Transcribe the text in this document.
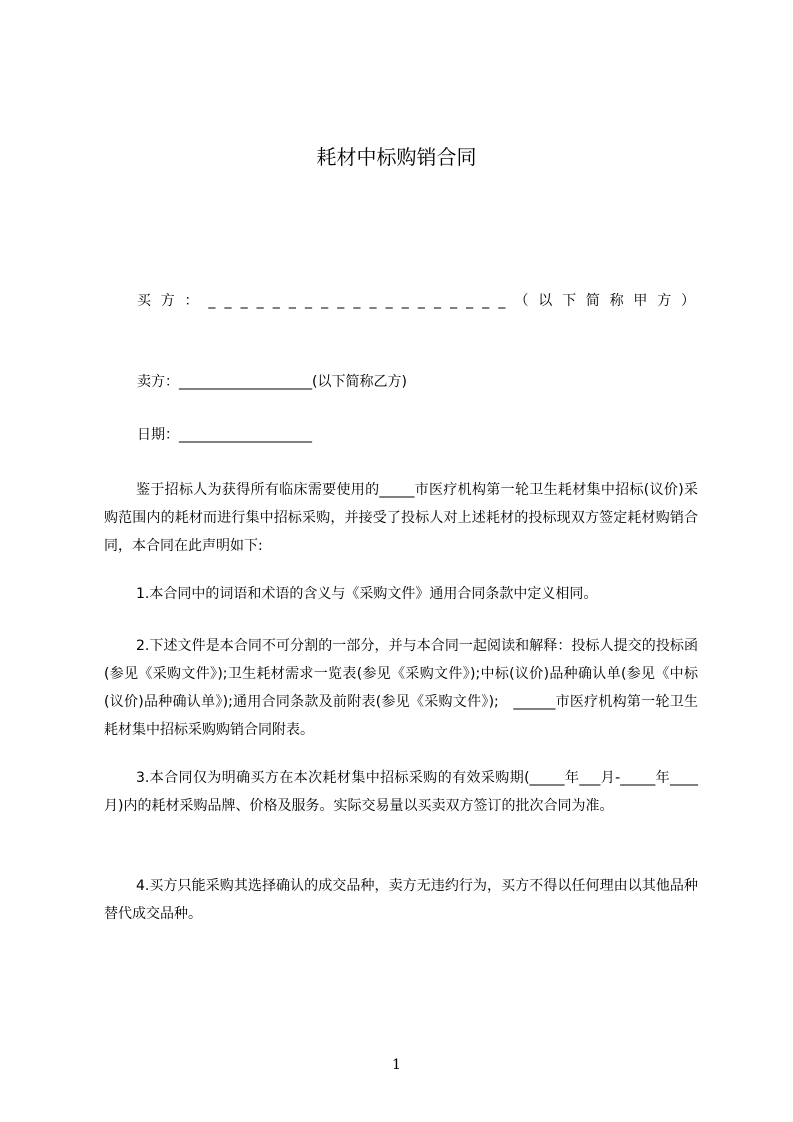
耗材中标购销合同
买 方 ： _ _ _ _ _ _ _ _ _ _ _ _ _ _ _ _ _ _ _ （ 以 下 简 称 甲 方 ）
卖方：___________________(以下简称乙方)
日期：___________________
鉴于招标人为获得所有临床需要使用的_____市医疗机构第一轮卫生耗材集中招标(议价)采购范围内的耗材而进行集中招标采购，并接受了投标人对上述耗材的投标现双方签定耗材购销合同，本合同在此声明如下:
1.本合同中的词语和术语的含义与《采购文件》通用合同条款中定义相同。
2.下述文件是本合同不可分割的一部分，并与本合同一起阅读和解释：投标人提交的投标函(参见《采购文件》);卫生耗材需求一览表(参见《采购文件》);中标(议价)品种确认单(参见《中标(议价)品种确认单》);通用合同条款及前附表(参见《采购文件》);　______市医疗机构第一轮卫生耗材集中招标采购购销合同附表。
3.本合同仅为明确买方在本次耗材集中招标采购的有效采购期(_____年___月-_____年____月)内的耗材采购品牌、价格及服务。实际交易量以买卖双方签订的批次合同为准。
4.买方只能采购其选择确认的成交品种，卖方无违约行为，买方不得以任何理由以其他品种替代成交品种。
1
